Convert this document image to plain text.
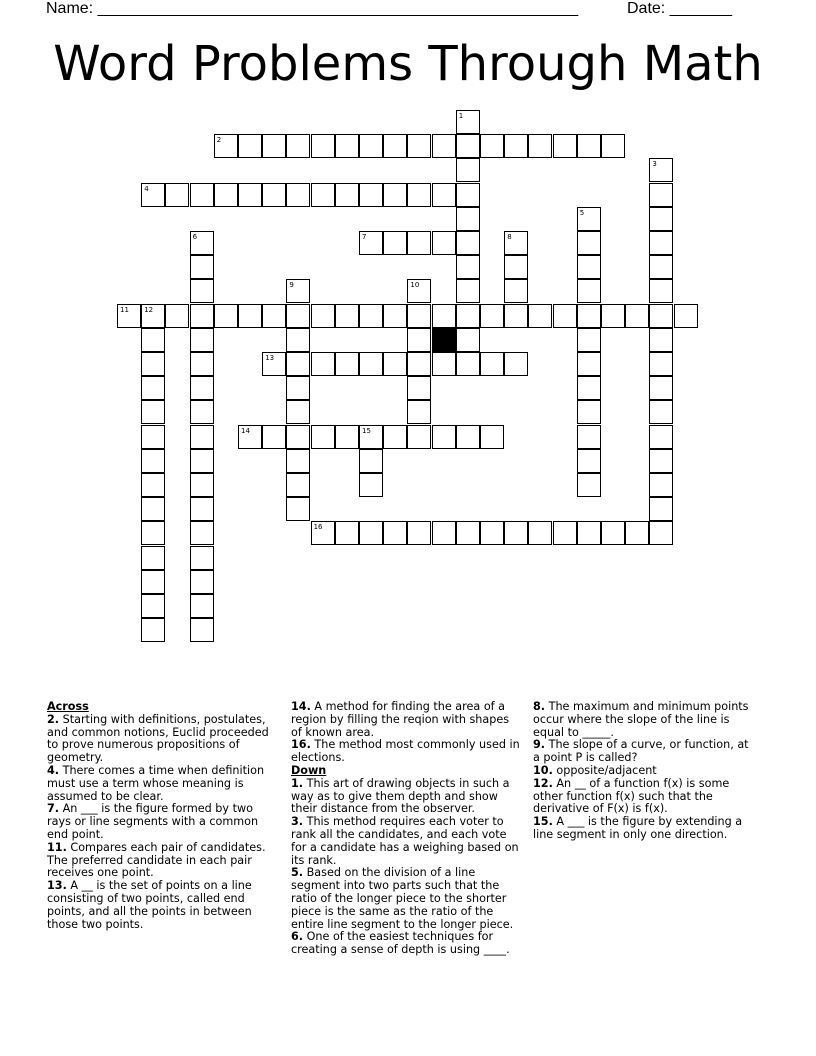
Name: ______________________________________________________	Date: _______
Word Problems Through Math
2
4
7
11 12
13
14	15
16
1
3
5
6	8
9	10
Across

2. Starting with definitions, postulates, and common notions, Euclid proceeded to prove numerous propositions of geometry.

4. There comes a time when definition must use a term whose meaning is assumed to be clear.

7. An ___ is the figure formed by two rays or line segments with a common end point.

11. Compares each pair of candidates. The preferred candidate in each pair receives one point.

13. A __ is the set of points on a line consisting of two points, called end points, and all the points in between those two points.

14. A method for finding the area of a region by filling the reqion with shapes of known area.

16. The method most commonly used in elections.

Down

1. This art of drawing objects in such a way as to give them depth and show their distance from the observer.

3. This method requires each voter to rank all the candidates, and each vote for a candidate has a weighing based on its rank.

5. Based on the division of a line segment into two parts such that the ratio of the longer piece to the shorter piece is the same as the ratio of the entire line segment to the longer piece.

6. One of the easiest techniques for creating a sense of depth is using ____.

8. The maximum and minimum points occur where the slope of the line is equal to _____.

9. The slope of a curve, or function, at a point P is called?

10. opposite/adjacent

12. An __ of a function f(x) is some other function f(x) such that the derivative of F(x) is f(x).

15. A ___ is the figure by extending a line segment in only one direction.
